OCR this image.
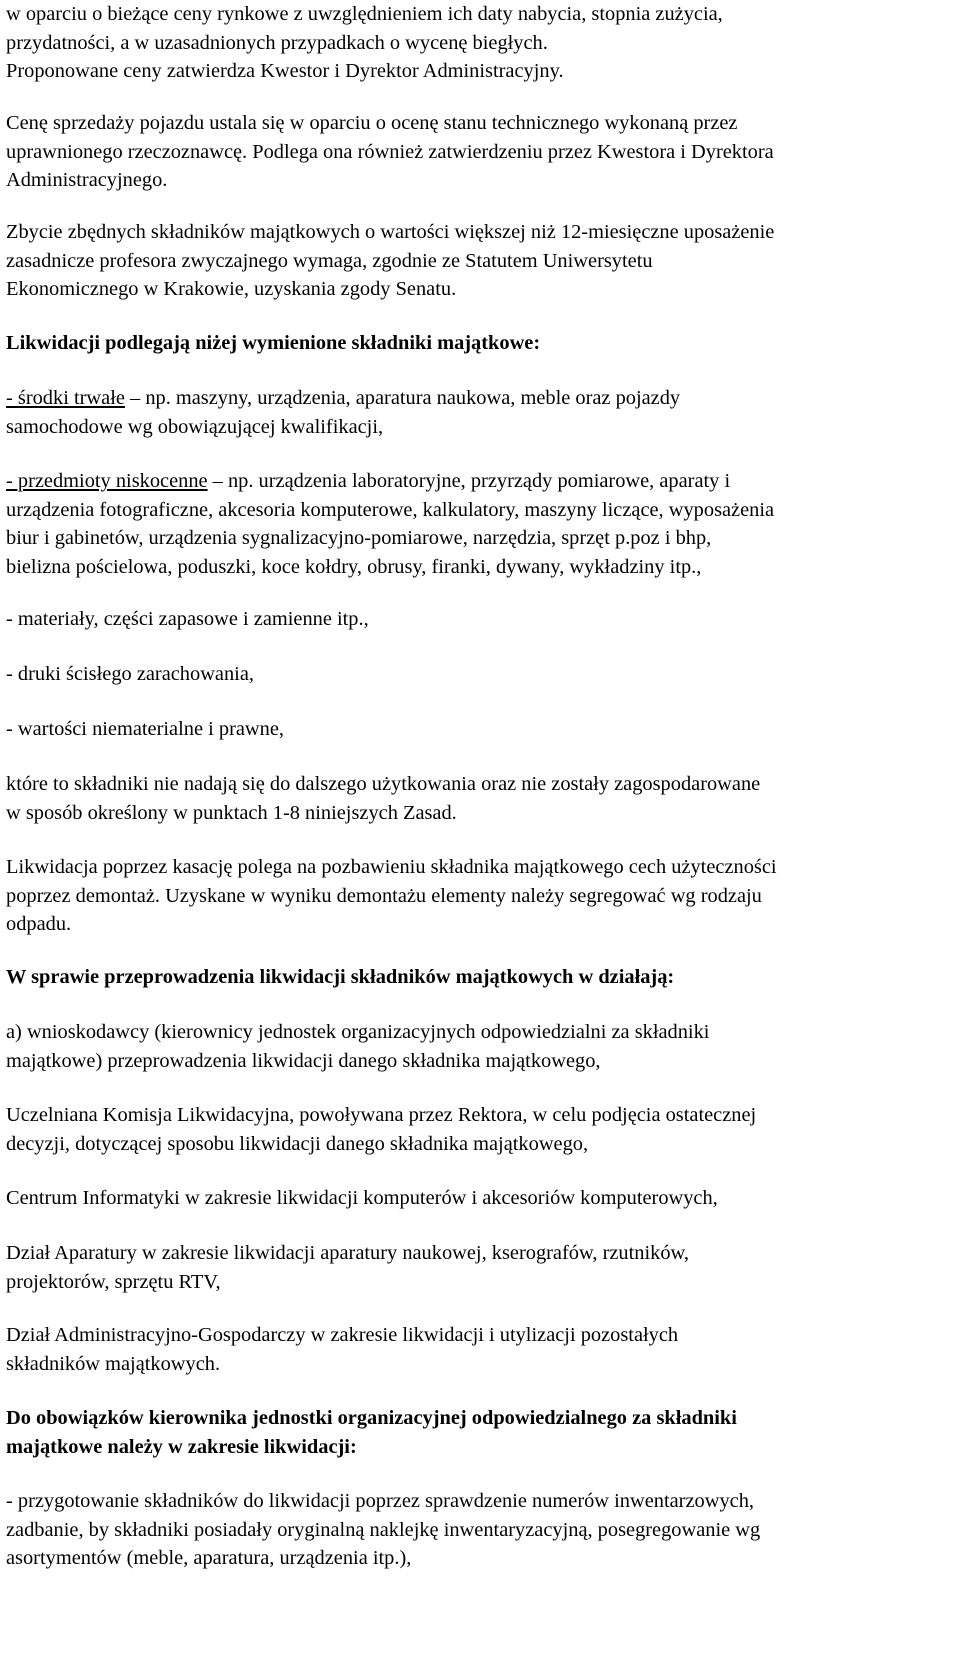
w oparciu o bieżące ceny rynkowe z uwzględnieniem ich daty nabycia, stopnia zużycia,
przydatności, a w uzasadnionych przypadkach o wycenę biegłych.
Proponowane ceny zatwierdza Kwestor i Dyrektor Administracyjny.
Cenę sprzedaży pojazdu ustala się w oparciu o ocenę stanu technicznego wykonaną przez
uprawnionego rzeczoznawcę. Podlega ona również zatwierdzeniu przez Kwestora i Dyrektora
Administracyjnego.
Zbycie zbędnych składników majątkowych o wartości większej niż 12-miesięczne uposażenie
zasadnicze profesora zwyczajnego wymaga, zgodnie ze Statutem Uniwersytetu
Ekonomicznego w Krakowie, uzyskania zgody Senatu.
Likwidacji podlegają niżej wymienione składniki majątkowe:
- środki trwałe – np. maszyny, urządzenia, aparatura naukowa, meble oraz pojazdy
samochodowe wg obowiązującej kwalifikacji,
- przedmioty niskocenne – np. urządzenia laboratoryjne, przyrządy pomiarowe, aparaty i
urządzenia fotograficzne, akcesoria komputerowe, kalkulatory, maszyny liczące, wyposażenia
biur i gabinetów, urządzenia sygnalizacyjno-pomiarowe, narzędzia, sprzęt p.poz i bhp,
bielizna pościelowa, poduszki, koce kołdry, obrusy, firanki, dywany, wykładziny itp.,
- materiały, części zapasowe i zamienne itp.,
- druki ścisłego zarachowania,
- wartości niematerialne i prawne,
które to składniki nie nadają się do dalszego użytkowania oraz nie zostały zagospodarowane
w sposób określony w punktach 1-8 niniejszych Zasad.
Likwidacja poprzez kasację polega na pozbawieniu składnika majątkowego cech użyteczności
poprzez demontaż. Uzyskane w wyniku demontażu elementy należy segregować wg rodzaju
odpadu.
W sprawie przeprowadzenia likwidacji składników majątkowych w działają:
a) wnioskodawcy (kierownicy jednostek organizacyjnych odpowiedzialni za składniki
majątkowe) przeprowadzenia likwidacji danego składnika majątkowego,
Uczelniana Komisja Likwidacyjna, powoływana przez Rektora, w celu podjęcia ostatecznej
decyzji, dotyczącej sposobu likwidacji danego składnika majątkowego,
Centrum Informatyki w zakresie likwidacji komputerów i akcesoriów komputerowych,
Dział Aparatury w zakresie likwidacji aparatury naukowej, kserografów, rzutników,
projektorów, sprzętu RTV,
Dział Administracyjno-Gospodarczy w zakresie likwidacji i utylizacji pozostałych
składników majątkowych.
Do obowiązków kierownika jednostki organizacyjnej odpowiedzialnego za składniki
majątkowe należy w zakresie likwidacji:
- przygotowanie składników do likwidacji poprzez sprawdzenie numerów inwentarzowych,
zadbanie, by składniki posiadały oryginalną naklejkę inwentaryzacyjną, posegregowanie wg
asortymentów (meble, aparatura, urządzenia itp.),
